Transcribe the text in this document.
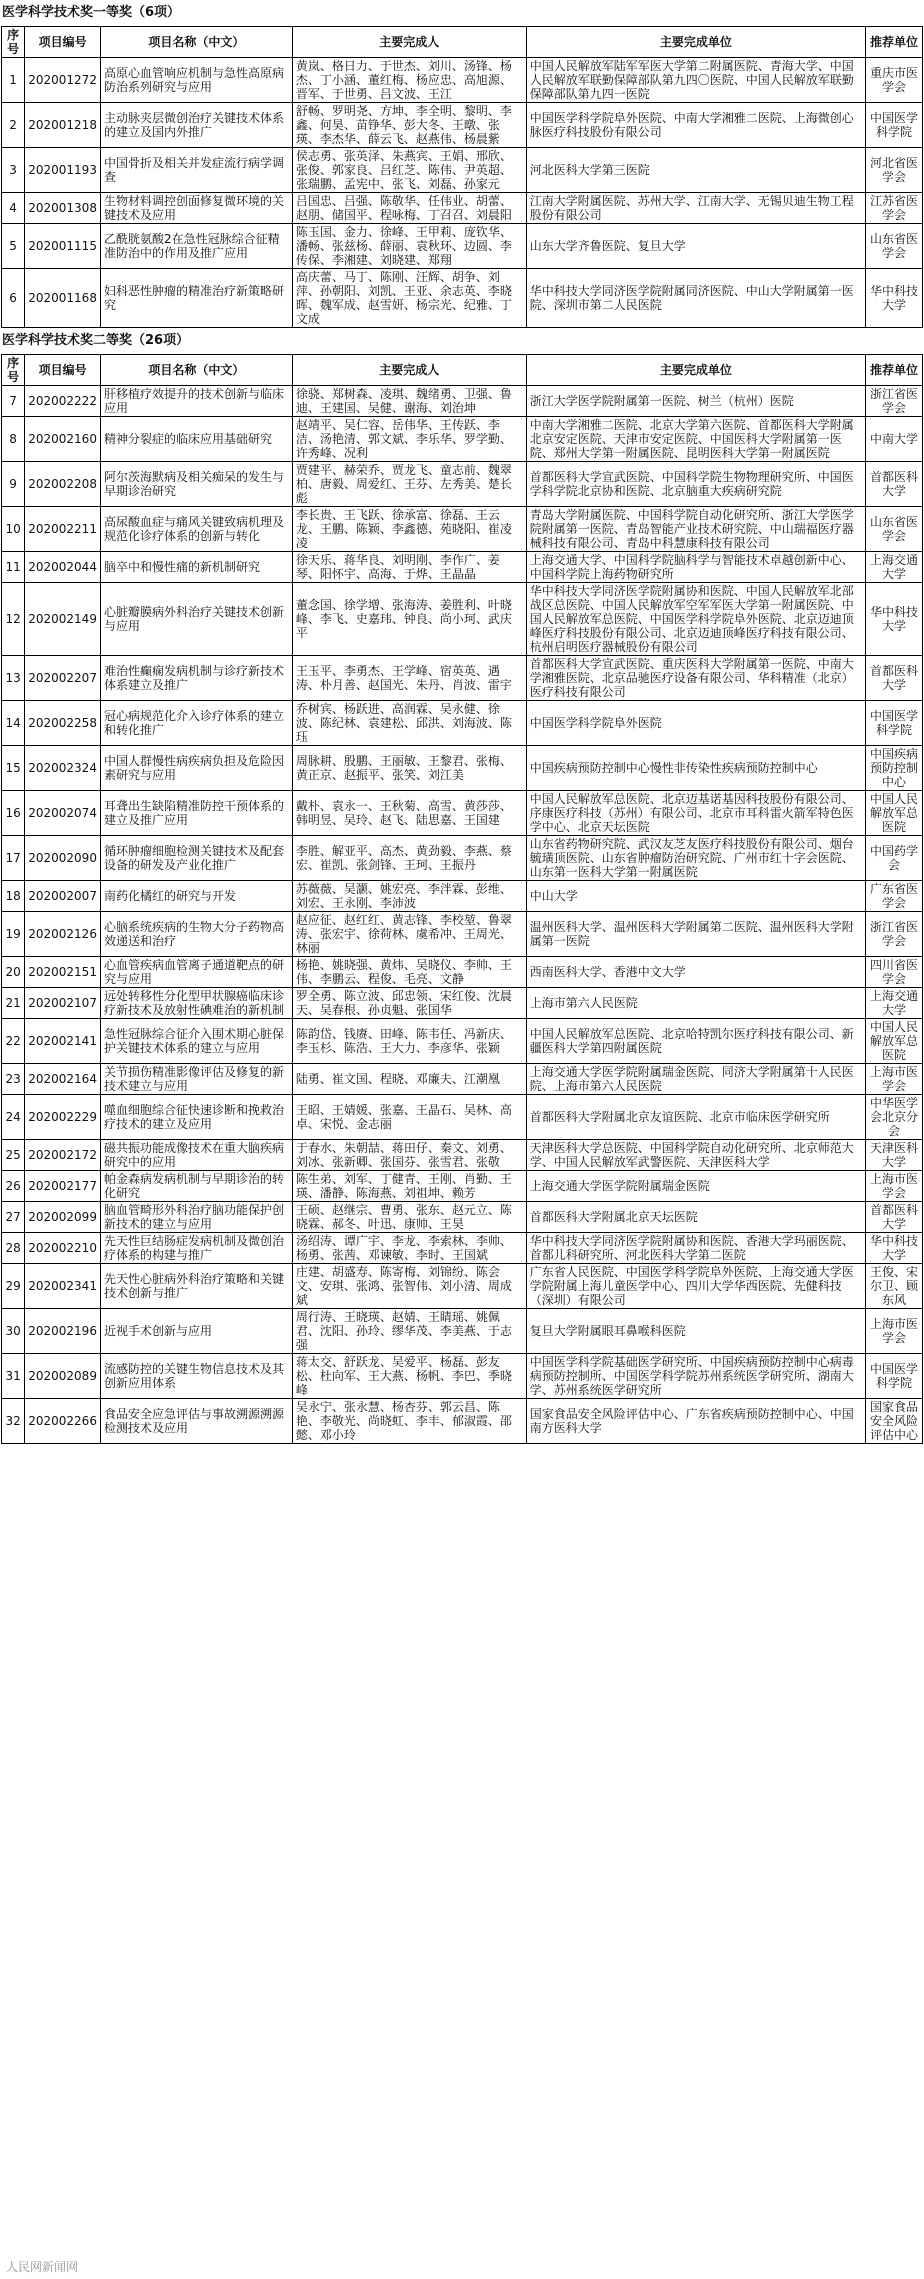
医学科学技术奖一等奖（6项）
序号	项目编号	项目名称（中文）	主要完成人	主要完成单位	推荐单位
1	202001272	高原心血管响应机制与急性高原病防治系列研究与应用	黄岚、格日力、于世杰、刘川、汤锋、杨杰、丁小涵、董红梅、杨应忠、高旭源、晋军、于世勇、吕文波、王江	中国人民解放军陆军军医大学第二附属医院、青海大学、中国人民解放军联勤保障部队第九四〇医院、中国人民解放军联勤保障部队第九四一医院	重庆市医学会
2	202001218	主动脉夹层微创治疗关键技术体系的建立及国内外推广	舒畅、罗明尧、方坤、李全明、黎明、李鑫、何昊、苗铮华、彭大冬、王暾、张瑛、李杰华、薛云飞、赵燕伟、杨晨紫	中国医学科学院阜外医院、中南大学湘雅二医院、上海微创心脉医疗科技股份有限公司	中国医学科学院
3	202001193	中国骨折及相关并发症流行病学调查	侯志勇、张英泽、朱燕宾、王娟、邢欣、张俊、郭家良、吕红芝、陈伟、尹英超、张瑞鹏、孟宪中、张飞、刘磊、孙家元	河北医科大学第三医院	河北省医学会
4	202001308	生物材料调控创面修复微环境的关键技术及应用	吕国忠、吕强、陈敬华、任伟业、胡蕾、赵朋、储国平、程咏梅、丁召召、刘晨阳	江南大学附属医院、苏州大学、江南大学、无锡贝迪生物工程股份有限公司	江苏省医学会
5	202001115	乙酰胱氨酸2在急性冠脉综合征精准防治中的作用及推广应用	陈玉国、金力、徐峰、王甲莉、庞钦华、潘畅、张兹杨、薛丽、袁秋环、边圆、李传保、李湘建、刘晓建、郑翔	山东大学齐鲁医院、复旦大学	山东省医学会
6	202001168	妇科恶性肿瘤的精准治疗新策略研究	高庆蕾、马丁、陈刚、汪辉、胡争、刘萍、孙朝阳、刘凯、王亚、余志英、李晓晖、魏军成、赵雪妍、杨宗光、纪雅、丁文成	华中科技大学同济医学院附属同济医院、中山大学附属第一医院、深圳市第二人民医院	华中科技大学
医学科学技术奖二等奖（26项）
序号	项目编号	项目名称（中文）	主要完成人	主要完成单位	推荐单位
7	202002222	肝移植疗效提升的技术创新与临床应用	徐骁、郑树森、凌琪、魏绪勇、卫强、鲁迪、王建国、吴健、谢海、刘治坤	浙江大学医学院附属第一医院、树兰（杭州）医院	浙江省医学会
8	202002160	精神分裂症的临床应用基础研究	赵靖平、吴仁容、岳伟华、王传跃、李洁、汤艳清、郭文斌、李乐华、罗学勤、许秀峰、况利	中南大学湘雅二医院、北京大学第六医院、首都医科大学附属北京安定医院、天津市安定医院、中国医科大学附属第一医院、郑州大学第一附属医院、昆明医科大学第一附属医院	中南大学
9	202002208	阿尔茨海默病及相关痴呆的发生与早期诊治研究	贾建平、赫荣乔、贾龙飞、童志前、魏翠柏、唐毅、周爱红、王芬、左秀美、楚长彪	首都医科大学宣武医院、中国科学院生物物理研究所、中国医学科学院北京协和医院、北京脑重大疾病研究院	首都医科大学
10	202002211	高尿酸血症与痛风关键致病机理及规范化诊疗体系的创新与转化	李长贵、王飞跃、徐承富、徐磊、王云龙、王鹏、陈颖、李鑫德、苑晓阳、崔凌凌	青岛大学附属医院、中国科学院自动化研究所、浙江大学医学院附属第一医院、青岛智能产业技术研究院、中山瑞福医疗器械科技有限公司、青岛中科慧康科技有限公司	山东省医学会
11	202002044	脑卒中和慢性痛的新机制研究	徐天乐、蒋华良、刘明刚、李作广、姜琴、阳怀宇、高海、于烨、王晶晶	上海交通大学、中国科学院脑科学与智能技术卓越创新中心、中国科学院上海药物研究所	上海交通大学
12	202002149	心脏瓣膜病外科治疗关键技术创新与应用	董念国、徐学增、张海涛、姜胜利、叶晓峰、李飞、史嘉玮、钟良、尚小珂、武庆平	华中科技大学同济医学院附属协和医院、中国人民解放军北部战区总医院、中国人民解放军空军军医大学第一附属医院、中国人民解放军总医院、中国医学科学院阜外医院、北京迈迪顶峰医疗科技股份有限公司、北京迈迪顶峰医疗科技有限公司、杭州启明医疗器械股份有限公司	华中科技大学
13	202002207	难治性癫痫发病机制与诊疗新技术体系建立及推广	王玉平、李勇杰、王学峰、宿英英、遇涛、朴月善、赵国光、朱丹、肖波、雷宇	首都医科大学宣武医院、重庆医科大学附属第一医院、中南大学湘雅医院、北京品驰医疗设备有限公司、华科精准（北京）医疗科技有限公司	首都医科大学
14	202002258	冠心病规范化介入诊疗体系的建立和转化推广	乔树宾、杨跃进、高润霖、吴永健、徐波、陈纪林、袁建松、邱洪、刘海波、陈珏	中国医学科学院阜外医院	中国医学科学院
15	202002324	中国人群慢性病疾病负担及危险因素研究与应用	周脉耕、殷鹏、王丽敏、王黎君、张梅、黄正京、赵振平、张笑、刘江美	中国疾病预防控制中心慢性非传染性疾病预防控制中心	中国疾病预防控制中心
16	202002074	耳聋出生缺陷精准防控干预体系的建立及推广应用	戴朴、袁永一、王秋菊、高雪、黄莎莎、韩明昱、吴玲、赵飞、陆思嘉、王国建	中国人民解放军总医院、北京迈基诺基因科技股份有限公司、序康医疗科技（苏州）有限公司、北京市耳科雷火箭军特色医学中心、北京天坛医院	中国人民解放军总医院
17	202002090	循环肿瘤细胞检测关键技术及配套设备的研发及产业化推广	李胜、解亚平、高杰、黄劲毅、李燕、蔡宏、崔凯、张剑锋、王珂、王振丹	山东省药物研究院、武汉友芝友医疗科技股份有限公司、烟台毓璜顶医院、山东省肿瘤防治研究院、广州市红十字会医院、山东第一医科大学第一附属医院	中国药学会
18	202002007	南药化橘红的研究与开发	苏薇薇、吴灏、姚宏亮、李泮霖、彭维、刘宏、王永刚、李沛波	中山大学	广东省医学会
19	202002126	心脑系统疾病的生物大分子药物高效递送和治疗	赵应征、赵红红、黄志锋、李校堃、鲁翠涛、张宏宇、徐荷林、虞希冲、王周光、林丽	温州医科大学、温州医科大学附属第二医院、温州医科大学附属第一医院	浙江省医学会
20	202002151	心血管疾病血管离子通道靶点的研究与应用	杨艳、姚晓强、黄炜、吴晓仪、李帅、王伟、李鹏云、程俊、毛亮、文静	西南医科大学、香港中文大学	四川省医学会
21	202002107	远处转移性分化型甲状腺癌临床诊疗新技术及放射性碘难治的新机制	罗全勇、陈立波、邱忠领、宋红俊、沈晨天、吴春根、孙贞魁、张国华	上海市第六人民医院	上海交通大学
22	202002141	急性冠脉综合征介入围术期心脏保护关键技术体系的建立与应用	陈韵岱、钱赓、田峰、陈韦任、冯新庆、李玉杉、陈浩、王大力、李彦华、张颖	中国人民解放军总医院、北京哈特凯尔医疗科技有限公司、新疆医科大学第四附属医院	中国人民解放军总医院
23	202002164	关节损伤精准影像评估及修复的新技术建立与应用	陆勇、崔文国、程晓、邓廉夫、江潮凰	上海交通大学医学院附属瑞金医院、同济大学附属第十人民医院、上海市第六人民医院	上海市医学会
24	202002229	噬血细胞综合征快速诊断和挽救治疗技术的建立及应用	王昭、王婧媛、张嘉、王晶石、吴林、高卓、宋悦、金志丽	首都医科大学附属北京友谊医院、北京市临床医学研究所	中华医学会北京分会
25	202002172	磁共振功能成像技术在重大脑疾病研究中的应用	于春水、朱朝喆、蒋田仔、秦文、刘勇、刘冰、张新卿、张国芬、张雪君、张敬	天津医科大学总医院、中国科学院自动化研究所、北京师范大学、中国人民解放军武警医院、天津医科大学	天津医科大学
26	202002177	帕金森病发病机制与早期诊治的转化研究	陈生弟、刘军、丁健青、王刚、肖勤、王瑛、潘静、陈海燕、刘祖坤、赖芳	上海交通大学医学院附属瑞金医院	上海市医学会
27	202002099	脑血管畸形外科治疗脑功能保护创新技术的建立与应用	王硕、赵继宗、曹勇、张东、赵元立、陈晓霖、郝冬、叶迅、康帅、王昊	首都医科大学附属北京天坛医院	首都医科大学
28	202002210	先天性巨结肠症发病机制及微创治疗体系的构建与推广	汤绍涛、谭广宇、李龙、李索林、李帅、杨勇、张茜、邓谏敏、李时、王国斌	华中科技大学同济医学院附属协和医院、香港大学玛丽医院、首都儿科研究所、河北医科大学第二医院	华中科技大学
29	202002341	先天性心脏病外科治疗策略和关键技术创新与推广	庄建、胡盛寿、陈寄梅、刘锦纷、陈会文、安琪、张鸿、张智伟、刘小清、周成斌	广东省人民医院、中国医学科学院阜外医院、上海交通大学医学院附属上海儿童医学中心、四川大学华西医院、先健科技（深圳）有限公司	王俊、宋尔卫、顾东风
30	202002196	近视手术创新与应用	周行涛、王晓瑛、赵婧、王睛瑶、姚佩君、沈阳、孙玲、缪华茂、李美燕、于志强	复旦大学附属眼耳鼻喉科医院	上海市医学会
31	202002089	流感防控的关键生物信息技术及其创新应用体系	蒋太交、舒跃龙、吴爱平、杨磊、彭友松、杜向军、王大燕、杨帆、李巴、季晓峰	中国医学科学院基础医学研究所、中国疾病预防控制中心病毒病预防控制所、中国医学科学院苏州系统医学研究所、湖南大学、苏州系统医学研究所	中国医学科学院
32	202002266	食品安全应急评估与事故溯源溯源检测技术及应用	吴永宁、张永慧、杨杏芬、郭云昌、陈艳、李敬光、尚晓虹、李丰、郁淑霞、邵懿、邓小玲	国家食品安全风险评估中心、广东省疾病预防控制中心、中国南方医科大学	国家食品安全风险评估中心
人民网新闻网
